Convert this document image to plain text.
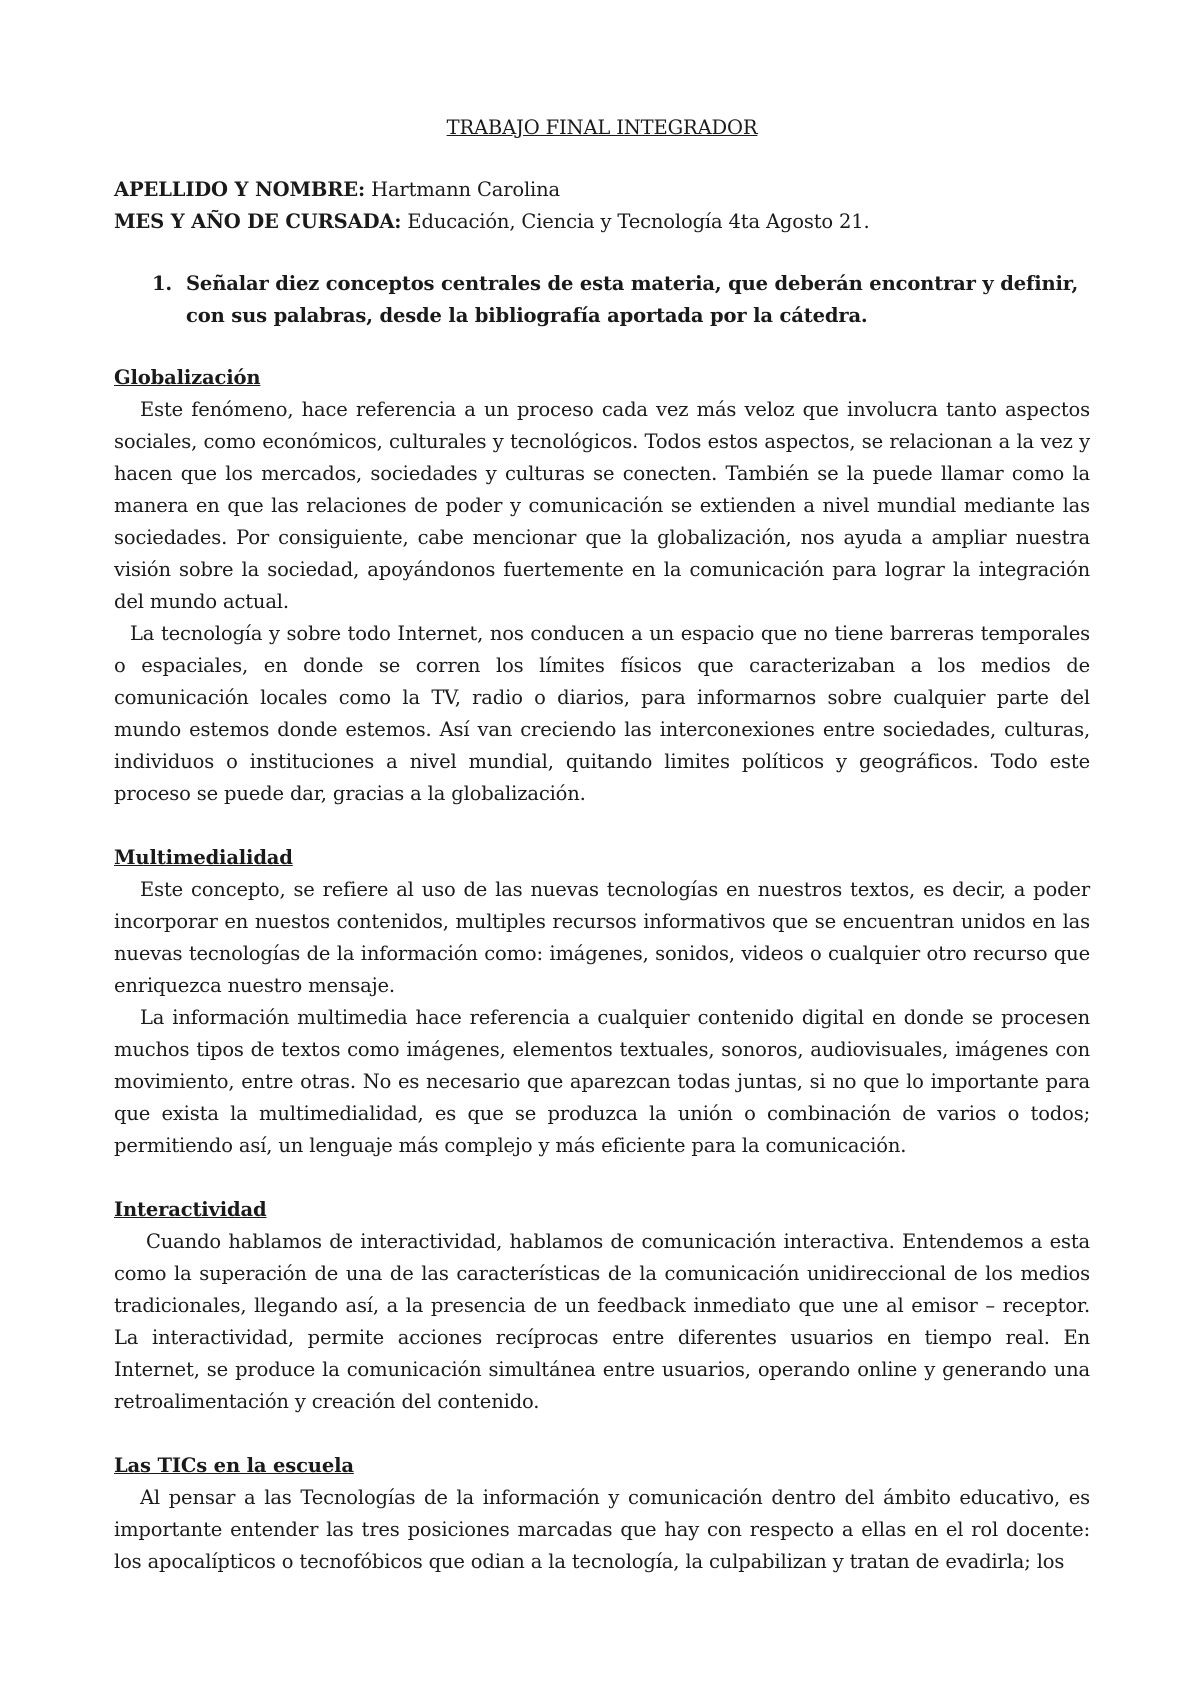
TRABAJO FINAL INTEGRADOR

APELLIDO Y NOMBRE: Hartmann Carolina

MES Y AÑO DE CURSADA: Educación, Ciencia y Tecnología 4ta Agosto 21.

1. Señalar diez conceptos centrales de esta materia, que deberán encontrar y definir, con sus palabras, desde la bibliografía aportada por la cátedra.

Globalización

Este fenómeno, hace referencia a un proceso cada vez más veloz que involucra tanto aspectos sociales, como económicos, culturales y tecnológicos. Todos estos aspectos, se relacionan a la vez y hacen que los mercados, sociedades y culturas se conecten. También se la puede llamar como la manera en que las relaciones de poder y comunicación se extienden a nivel mundial mediante las sociedades. Por consiguiente, cabe mencionar que la globalización, nos ayuda a ampliar nuestra visión sobre la sociedad, apoyándonos fuertemente en la comunicación para lograr la integración del mundo actual.

La tecnología y sobre todo Internet, nos conducen a un espacio que no tiene barreras temporales o espaciales, en donde se corren los límites físicos que caracterizaban a los medios de comunicación locales como la TV, radio o diarios, para informarnos sobre cualquier parte del mundo estemos donde estemos. Así van creciendo las interconexiones entre sociedades, culturas, individuos o instituciones a nivel mundial, quitando limites políticos y geográficos. Todo este proceso se puede dar, gracias a la globalización.

Multimedialidad

Este concepto, se refiere al uso de las nuevas tecnologías en nuestros textos, es decir, a poder incorporar en nuestos contenidos, multiples recursos informativos que se encuentran unidos en las nuevas tecnologías de la información como: imágenes, sonidos, videos o cualquier otro recurso que enriquezca nuestro mensaje.

La información multimedia hace referencia a cualquier contenido digital en donde se procesen muchos tipos de textos como imágenes, elementos textuales, sonoros, audiovisuales, imágenes con movimiento, entre otras. No es necesario que aparezcan todas juntas, si no que lo importante para que exista la multimedialidad, es que se produzca la unión o combinación de varios o todos; permitiendo así, un lenguaje más complejo y más eficiente para la comunicación.

Interactividad

Cuando hablamos de interactividad, hablamos de comunicación interactiva. Entendemos a esta como la superación de una de las características de la comunicación unidireccional de los medios tradicionales, llegando así, a la presencia de un feedback inmediato que une al emisor – receptor. La interactividad, permite acciones recíprocas entre diferentes usuarios en tiempo real. En Internet, se produce la comunicación simultánea entre usuarios, operando online y generando una retroalimentación y creación del contenido.

Las TICs en la escuela

Al pensar a las Tecnologías de la información y comunicación dentro del ámbito educativo, es importante entender las tres posiciones marcadas que hay con respecto a ellas en el rol docente: los apocalípticos o tecnofóbicos que odian a la tecnología, la culpabilizan y tratan de evadirla; los
